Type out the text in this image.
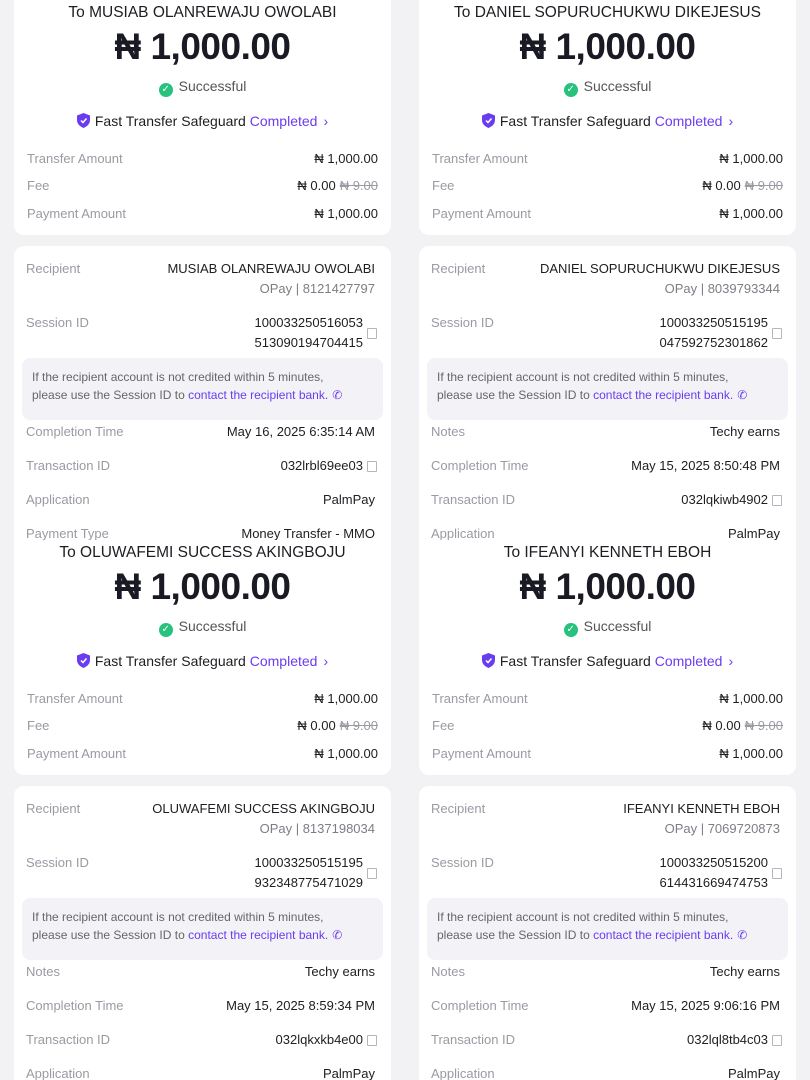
To MUSIAB OLANREWAJU OWOLABI
₦ 1,000.00
✓ Successful
Fast Transfer Safeguard Completed ›
Transfer Amount	₦ 1,000.00
Fee	₦ 0.00 ₦ 9.00
Payment Amount	₦ 1,000.00
Recipient	MUSIAB OLANREWAJU OWOLABI
OPay | 8121427797
Session ID	100033250516053
513090194704415
If the recipient account is not credited within 5 minutes,
please use the Session ID to contact the recipient bank. ✆
Completion Time	May 16, 2025 6:35:14 AM
Transaction ID	032lrbl69ee03
Application	PalmPay
Payment Type	Money Transfer - MMO
To DANIEL SOPURUCHUKWU DIKEJESUS
₦ 1,000.00
✓ Successful
Fast Transfer Safeguard Completed ›
Transfer Amount	₦ 1,000.00
Fee	₦ 0.00 ₦ 9.00
Payment Amount	₦ 1,000.00
Recipient	DANIEL SOPURUCHUKWU DIKEJESUS
OPay | 8039793344
Session ID	100033250515195
047592752301862
If the recipient account is not credited within 5 minutes,
please use the Session ID to contact the recipient bank. ✆
Notes	Techy earns
Completion Time	May 15, 2025 8:50:48 PM
Transaction ID	032lqkiwb4902
Application	PalmPay
To OLUWAFEMI SUCCESS AKINGBOJU
₦ 1,000.00
✓ Successful
Fast Transfer Safeguard Completed ›
Transfer Amount	₦ 1,000.00
Fee	₦ 0.00 ₦ 9.00
Payment Amount	₦ 1,000.00
Recipient	OLUWAFEMI SUCCESS AKINGBOJU
OPay | 8137198034
Session ID	100033250515195
932348775471029
If the recipient account is not credited within 5 minutes,
please use the Session ID to contact the recipient bank. ✆
Notes	Techy earns
Completion Time	May 15, 2025 8:59:34 PM
Transaction ID	032lqkxkb4e00
Application	PalmPay
To IFEANYI KENNETH EBOH
₦ 1,000.00
✓ Successful
Fast Transfer Safeguard Completed ›
Transfer Amount	₦ 1,000.00
Fee	₦ 0.00 ₦ 9.00
Payment Amount	₦ 1,000.00
Recipient	IFEANYI KENNETH EBOH
OPay | 7069720873
Session ID	100033250515200
614431669474753
If the recipient account is not credited within 5 minutes,
please use the Session ID to contact the recipient bank. ✆
Notes	Techy earns
Completion Time	May 15, 2025 9:06:16 PM
Transaction ID	032lql8tb4c03
Application	PalmPay
